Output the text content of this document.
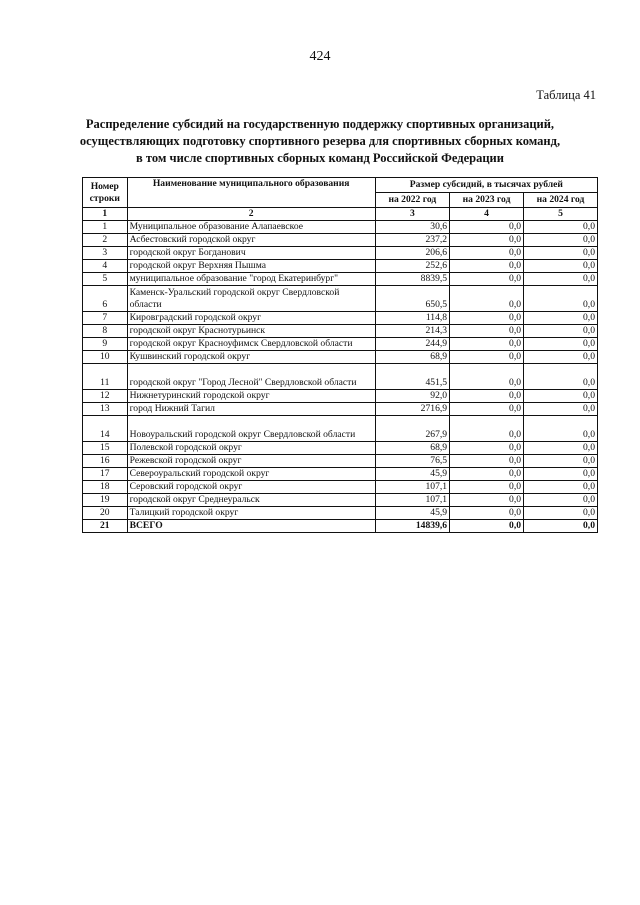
424
Таблица 41
Распределение субсидий на государственную поддержку спортивных организаций,
осуществляющих подготовку спортивного резерва для спортивных сборных команд,
в том числе спортивных сборных команд Российской Федерации
Номер строки	Наименование муниципального образования	Размер субсидий, в тысячах рублей		
		на 2022 год	на 2023 год	на 2024 год
1	2	3	4	5
1	Муниципальное образование Алапаевское	30,6	0,0	0,0
2	Асбестовский городской округ	237,2	0,0	0,0
3	городской округ Богданович	206,6	0,0	0,0
4	городской округ Верхняя Пышма	252,6	0,0	0,0
5	муниципальное образование "город Екатеринбург"	8839,5	0,0	0,0
6	Каменск-Уральский городской округ Свердловской области	650,5	0,0	0,0
7	Кировградский городской округ	114,8	0,0	0,0
8	городской округ Краснотурьинск	214,3	0,0	0,0
9	городской округ Красноуфимск Свердловской области	244,9	0,0	0,0
10	Кушвинский городской округ	68,9	0,0	0,0
11	городской округ "Город Лесной" Свердловской области	451,5	0,0	0,0
12	Нижнетуринский городской округ	92,0	0,0	0,0
13	город Нижний Тагил	2716,9	0,0	0,0
14	Новоуральский городской округ Свердловской области	267,9	0,0	0,0
15	Полевской городской округ	68,9	0,0	0,0
16	Режевской городской округ	76,5	0,0	0,0
17	Североуральский городской округ	45,9	0,0	0,0
18	Серовский городской округ	107,1	0,0	0,0
19	городской округ Среднеуральск	107,1	0,0	0,0
20	Талицкий городской округ	45,9	0,0	0,0
21	ВСЕГО	14839,6	0,0	0,0
